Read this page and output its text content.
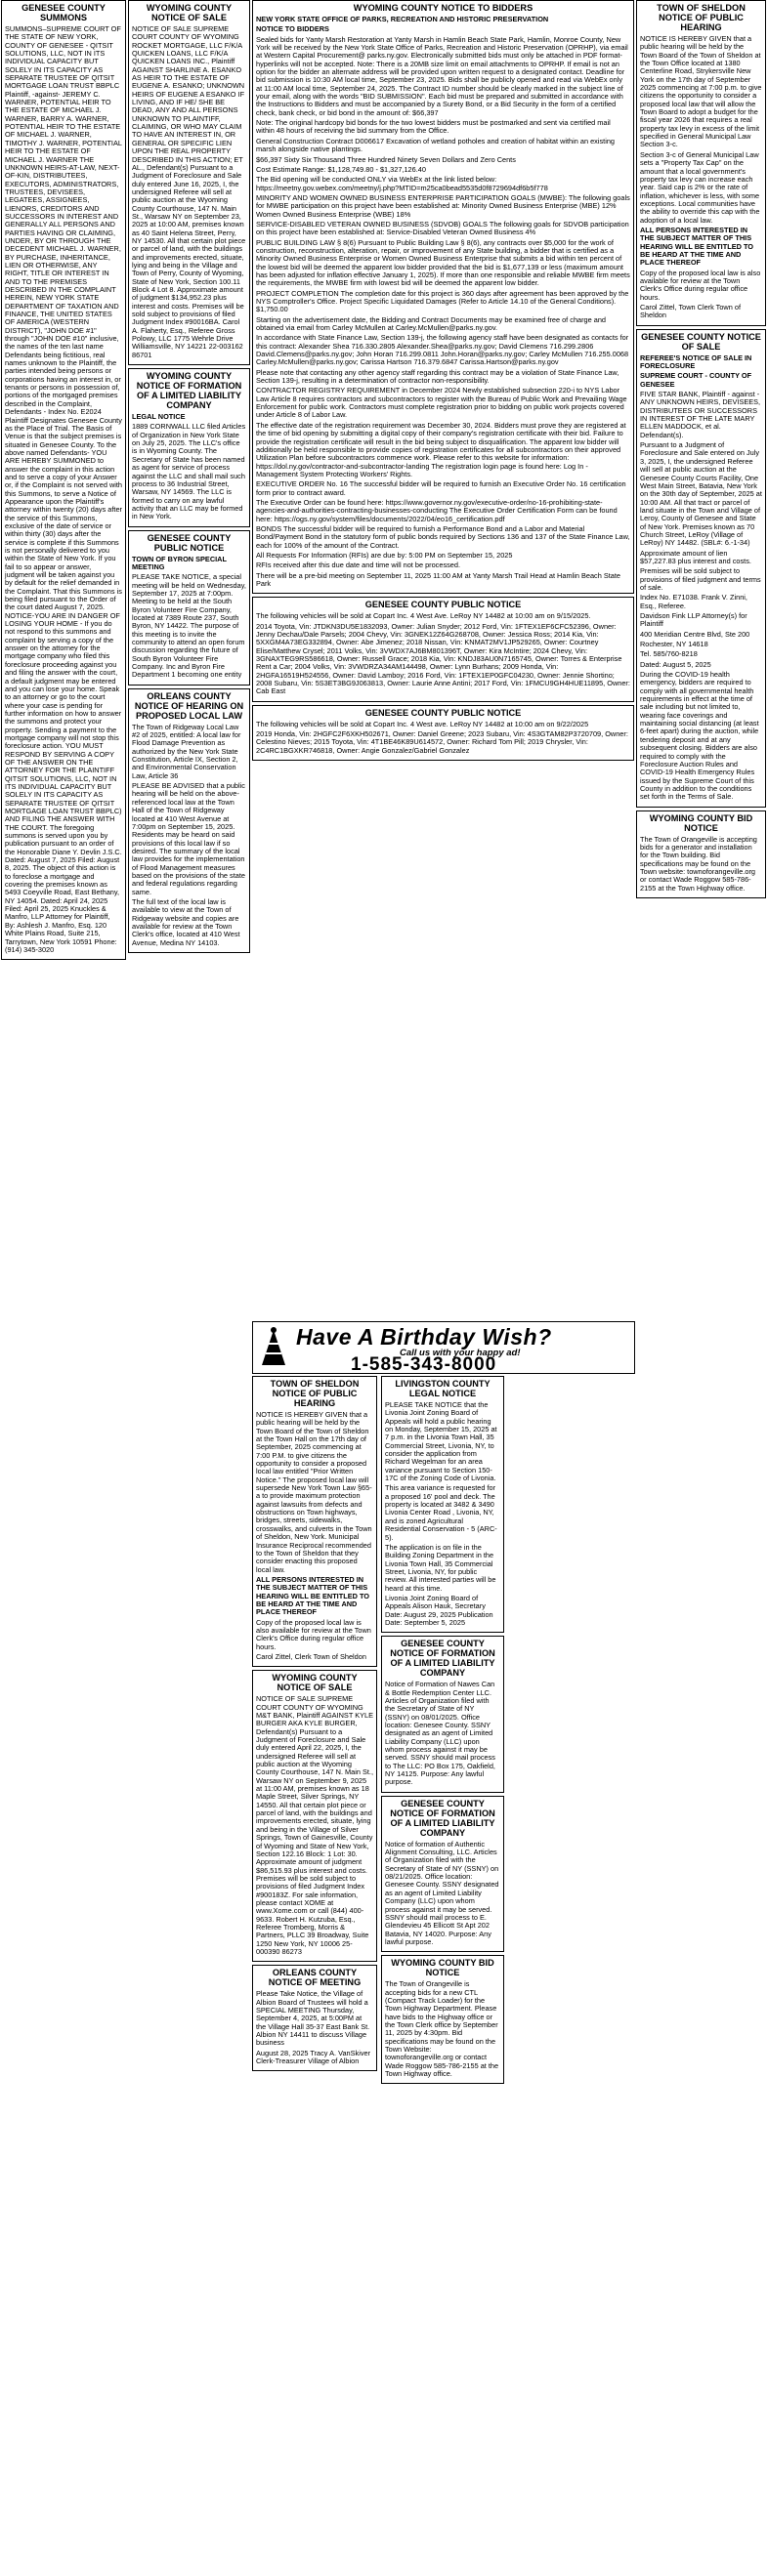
GENESEE COUNTY SUMMONS

SUMMONS–SUPREME COURT OF THE STATE OF NEW YORK, COUNTY OF GENESEE - QITSIT SOLUTIONS, LLC, NOT IN ITS INDIVIDUAL CAPACITY BUT SOLELY IN ITS CAPACITY AS SEPARATE TRUSTEE OF QITSIT MORTGAGE LOAN TRUST BBPLC Plaintiff, -against- JEREMY C. WARNER, POTENTIAL HEIR TO THE ESTATE OF MICHAEL J. WARNER, BARRY A. WARNER, POTENTIAL HEIR TO THE ESTATE OF MICHAEL J. WARNER, TIMOTHY J. WARNER, POTENTIAL HEIR TO THE ESTATE OF MICHAEL J. WARNER THE UNKNOWN HEIRS-AT-LAW, NEXT-OF-KIN, DISTRIBUTEES, EXECUTORS, ADMINISTRATORS, TRUSTEES, DEVISEES, LEGATEES, ASSIGNEES, LIENORS, CREDITORS AND SUCCESSORS IN INTEREST AND GENERALLY ALL PERSONS AND PARTIES HAVING OR CLAIMING, UNDER, BY OR THROUGH THE DECEDENT MICHAEL J. WARNER, BY PURCHASE, INHERITANCE, LIEN OR OTHERWISE, ANY RIGHT, TITLE OR INTEREST IN AND TO THE PREMISES DESCRIBED IN THE COMPLAINT HEREIN, NEW YORK STATE DEPARTMENT OF TAXATION AND FINANCE, THE UNITED STATES OF AMERICA (WESTERN DISTRICT), "JOHN DOE #1" through "JOHN DOE #10" inclusive, the names of the ten last name Defendants being fictitious, real names unknown to the Plaintiff, the parties intended being persons or corporations having an interest in, or tenants or persons in possession of, portions of the mortgaged premises described in the Complaint, Defendants - Index No. E2024 Plaintiff Designates Genesee County as the Place of Trial. The Basis of Venue is that the subject premises is situated in Genesee County. To the above named Defendants- YOU ARE HEREBY SUMMONED to answer the complaint in this action and to serve a copy of your Answer or, if the Complaint is not served with this Summons, to serve a Notice of Appearance upon the Plaintiff's attorney within twenty (20) days after the service of this Summons, exclusive of the date of service or within thirty (30) days after the service is complete if this Summons is not personally delivered to you within the State of New York. If you fail to so appear or answer, judgment will be taken against you by default for the relief demanded in the Complaint. That this Summons is being filed pursuant to the Order of the court dated August 7, 2025. NOTICE-YOU ARE IN DANGER OF LOSING YOUR HOME - If you do not respond to this summons and complaint by serving a copy of the answer on the attorney for the mortgage company who filed this foreclosure proceeding against you and filing the answer with the court, a default judgment may be entered and you can lose your home. Speak to an attorney or go to the court where your case is pending for further information on how to answer the summons and protect your property. Sending a payment to the mortgage company will not stop this foreclosure action. YOU MUST RESPOND BY SERVING A COPY OF THE ANSWER ON THE ATTORNEY FOR THE PLAINTIFF QITSIT SOLUTIONS, LLC, NOT IN ITS INDIVIDUAL CAPACITY BUT SOLELY IN ITS CAPACITY AS SEPARATE TRUSTEE OF QITSIT MORTGAGE LOAN TRUST BBPLC) AND FILING THE ANSWER WITH THE COURT. The foregoing summons is served upon you by publication pursuant to an order of the Honorable Diane Y. Devlin J.S.C. Dated: August 7, 2025 Filed: August 8, 2025. The object of this action is to foreclose a mortgage and covering the premises known as 5493 Coeyville Road, East Bethany, NY 14054. Dated: April 24, 2025 Filed: April 25, 2025 Knuckles & Manfro, LLP Attorney for Plaintiff, By: Ashlesh J. Manfro, Esq. 120 White Plains Road, Suite 215, Tarrytown, New York 10591 Phone: (914) 345-3020

WYOMING COUNTY NOTICE OF SALE

NOTICE OF SALE SUPREME COURT COUNTY OF WYOMING ROCKET MORTGAGE, LLC F/K/A QUICKEN LOANS, LLC F/K/A QUICKEN LOANS INC., Plaintiff AGAINST SHARLINE A. ESANKO AS HEIR TO THE ESTATE OF EUGENE A. ESANKO; UNKNOWN HEIRS OF EUGENE A ESANKO IF LIVING, AND IF HE/ SHE BE DEAD, ANY AND ALL PERSONS UNKNOWN TO PLAINTIFF, CLAIMING, OR WHO MAY CLAIM TO HAVE AN INTEREST IN, OR GENERAL OR SPECIFIC LIEN UPON THE REAL PROPERTY DESCRIBED IN THIS ACTION; ET AL., Defendant(s) Pursuant to a Judgment of Foreclosure and Sale duly entered June 16, 2025, I, the undersigned Referee will sell at public auction at the Wyoming County Courthouse, 147 N. Main St., Warsaw NY on September 23, 2025 at 10:00 AM, premises known as 40 Saint Helena Street, Perry, NY 14530. All that certain plot piece or parcel of land, with the buildings and improvements erected, situate, lying and being in the Village and Town of Perry, County of Wyoming, State of New York, Section 100.11 Block 4 Lot 8. Approximate amount of judgment $134,952.23 plus interest and costs. Premises will be sold subject to provisions of filed Judgment Index #90016BA. Carol A. Flaherty, Esq., Referee Gross Polowy, LLC 1775 Wehrle Drive Williamsville, NY 14221 22-003162 86701

WYOMING COUNTY NOTICE OF FORMATION OF A LIMITED LIABILITY COMPANY

LEGAL NOTICE

1889 CORNWALL LLC filed Articles of Organization in New York State on July 25, 2025. The LLC's office is in Wyoming County. The Secretary of State has been named as agent for service of process against the LLC and shall mail such process to 36 Industrial Street, Warsaw, NY 14569. The LLC is formed to carry on any lawful activity that an LLC may be formed in New York.

GENESEE COUNTY PUBLIC NOTICE

TOWN OF BYRON SPECIAL MEETING

PLEASE TAKE NOTICE, a special meeting will be held on Wednesday, September 17, 2025 at 7:00pm. Meeting to be held at the South Byron Volunteer Fire Company, located at 7389 Route 237, South Byron, NY 14422. The purpose of this meeting is to invite the community to attend an open forum discussion regarding the future of South Byron Volunteer Fire Company. Inc and Byron Fire Department 1 becoming one entity

ORLEANS COUNTY NOTICE OF HEARING ON PROPOSED LOCAL LAW

The Town of Ridgeway Local Law #2 of 2025, entitled: A local law for Flood Damage Prevention as authorized by the New York State Constitution, Article IX, Section 2, and Environmental Conservation Law, Article 36

PLEASE BE ADVISED that a public hearing will be held on the above-referenced local law at the Town Hall of the Town of Ridgeway located at 410 West Avenue at 7:00pm on September 15, 2025. Residents may be heard on said provisions of this local law if so desired. The summary of the local law provides for the implementation of Flood Management measures based on the provisions of the state and federal regulations regarding same.

The full text of the local law is available to view at the Town of Ridgeway website and copies are available for review at the Town Clerk's office, located at 410 West Avenue, Medina NY 14103.

WYOMING COUNTY NOTICE TO BIDDERS

NEW YORK STATE OFFICE OF PARKS, RECREATION AND HISTORIC PRESERVATION

NOTICE TO BIDDERS

Sealed bids for Yanty Marsh Restoration at Yanty Marsh in Hamlin Beach State Park, Hamlin, Monroe County, New York will be received by the New York State Office of Parks, Recreation and Historic Preservation (OPRHP), via email at Western Capital Procurement@ parks.ny.gov. Electronically submitted bids must only be attached in PDF format- hyperlinks will not be accepted. Note: There is a 20MB size limit on email attachments to OPRHP. If email is not an option for the bidder an alternate address will be provided upon written request to a designated contact. Deadline for bid submission is 10:30 AM local time, September 23, 2025. Bids shall be publicly opened and read via WebEx only at 11:00 AM local time, September 24, 2025. The Contract ID number should be clearly marked in the subject line of your email, along with the words "BID SUBMISSION". Each bid must be prepared and submitted in accordance with the Instructions to Bidders and must be accompanied by a Surety Bond, or a Bid Security in the form of a certified check, bank check, or bid bond in the amount of: $66,397

Note: The original hardcopy bid bonds for the two lowest bidders must be postmarked and sent via certified mail within 48 hours of receiving the bid summary from the Office.

General Construction Contract D006617 Excavation of wetland potholes and creation of habitat within an existing marsh alongside native plantings.

$66,397 Sixty Six Thousand Three Hundred Ninety Seven Dollars and Zero Cents

Cost Estimate Range: $1,128,749.80 - $1,327,126.40

The Bid opening will be conducted ONLY via WebEx at the link listed below: https://meetny.gov.webex.com/meetny/j.php?MTID=m25ca0bead5535d0f8729694df6b5f778

MINORITY AND WOMEN OWNED BUSINESS ENTERPRISE PARTICIPATION GOALS (MWBE): The following goals for MWBE participation on this project have been established at: Minority Owned Business Enterprise (MBE) 12% Women Owned Business Enterprise (WBE) 18%

SERVICE-DISABLED VETERAN OWNED BUSINESS (SDVOB) GOALS The following goals for SDVOB participation on this project have been established at: Service-Disabled Veteran Owned Business 4%

PUBLIC BUILDING LAW § 8(6) Pursuant to Public Building Law § 8(6), any contracts over $5,000 for the work of construction, reconstruction, alteration, repair, or improvement of any State building, a bidder that is certified as a Minority Owned Business Enterprise or Women Owned Business Enterprise that submits a bid within ten percent of the lowest bid will be deemed the apparent low bidder provided that the bid is $1,677,139 or less (maximum amount has been adjusted for inflation effective January 1, 2025). If more than one responsible and reliable MWBE firm meets the requirements, the MWBE firm with lowest bid will be deemed the apparent low bidder.

PROJECT COMPLETION The completion date for this project is 360 days after agreement has been approved by the NYS Comptroller's Office. Project Specific Liquidated Damages (Refer to Article 14.10 of the General Conditions). $1,750.00

Starting on the advertisement date, the Bidding and Contract Documents may be examined free of charge and obtained via email from Carley McMullen at Carley.McMullen@parks.ny.gov.

In accordance with State Finance Law, Section 139-j, the following agency staff have been designated as contacts for this contract: Alexander Shea 716.330.2805 Alexander.Shea@parks.ny.gov; David Clemens 716.299.2806 David.Clemens@parks.ny.gov; John Horan 716.299.0811 John.Horan@parks.ny.gov; Carley McMullen 716.255.0068 Carley.McMullen@parks.ny.gov; Carissa Hartson 716.379.6847 Carissa.Hartson@parks.ny.gov

Please note that contacting any other agency staff regarding this contract may be a violation of State Finance Law, Section 139-j, resulting in a determination of contractor non-responsibility.

CONTRACTOR REGISTRY REQUIREMENT in December 2024 Newly established subsection 220-i to NYS Labor Law Article 8 requires contractors and subcontractors to register with the Bureau of Public Work and Prevailing Wage Enforcement for public work. Contractors must complete registration prior to bidding on public work projects covered under Article 8 of Labor Law.

The effective date of the registration requirement was December 30, 2024. Bidders must prove they are registered at the time of bid opening by submitting a digital copy of their company's registration certificate with their bid. Failure to provide the registration certificate will result in the bid being subject to disqualification. The apparent low bidder will additionally be held responsible to provide copies of registration certificates for all subcontractors on their approved Utilization Plan before subcontractors commence work. Please refer to this website for information: https://dol.ny.gov/contractor-and-subcontractor-landing The registration login page is found here: Log In - Management System Protecting Workers' Rights.

EXECUTIVE ORDER No. 16 The successful bidder will be required to furnish an Executive Order No. 16 certification form prior to contract award.

The Executive Order can be found here: https://www.governor.ny.gov/executive-order/no-16-prohibiting-state-agencies-and-authorities-contracting-businesses-conducting The Executive Order Certification Form can be found here: https://ogs.ny.gov/system/files/documents/2022/04/eo16_certification.pdf

BONDS The successful bidder will be required to furnish a Performance Bond and a Labor and Material Bond/Payment Bond in the statutory form of public bonds required by Sections 136 and 137 of the State Finance Law, each for 100% of the amount of the Contract.

All Requests For Information (RFIs) are due by: 5:00 PM on September 15, 2025

RFIs received after this due date and time will not be processed.

There will be a pre-bid meeting on September 11, 2025 11:00 AM at Yanty Marsh Trail Head at Hamlin Beach State Park

GENESEE COUNTY PUBLIC NOTICE

The following vehicles will be sold at Copart Inc. 4 West Ave. LeRoy NY 14482 at 10:00 am on 9/15/2025.

2014 Toyota, Vin: JTDKN3DU5E1832093, Owner: Julian Snyder; 2012 Ford, Vin: 1FTEX1EF6CFC52396, Owner: Jenny Dechau/Dale Parsels; 2004 Chevy, Vin: 3GNEK12Z64G268708, Owner: Jessica Ross; 2014 Kia, Vin: 5XXGM4A73EG332894, Owner: Abe Jimenez; 2018 Nissan, Vin: KNMAT2MV1JP529265, Owner: Courtney Elise/Matthew Crysel; 2011 Volks, Vin: 3VWDX7AJ6BM801396T, Owner: Kira McIntire; 2024 Chevy, Vin: 3GNAXTEG9RS586618, Owner: Russell Grace; 2018 Kia, Vin: KNDJ83AU0N7165745, Owner: Torres & Enterprise Rent a Car; 2004 Volks, Vin: 3VWDRZA34AM144498, Owner: Lynn Burhans; 2009 Honda, Vin: 2HGFA16519H524556, Owner: David Lamboy; 2016 Ford, Vin: 1FTEX1EP0GFC04230, Owner: Jennie Shortino; 2008 Subaru, Vin: 5S3ET3BG9J063813, Owner: Laurie Anne Antini; 2017 Ford, Vin: 1FMCU9GH4HUE11895, Owner: Cab East

GENESEE COUNTY PUBLIC NOTICE

The following vehicles will be sold at Copart Inc. 4 West ave. LeRoy NY 14482 at 10:00 am on 9/22/2025

2019 Honda, Vin: 2HGFC2F6XKH502671, Owner: Daniel Greene; 2023 Subaru, Vin: 4S3GTAM82P3720709, Owner: Celestino Nieves; 2015 Toyota, Vin: 4T1BE46K89U614572, Owner: Richard Tom Pill; 2019 Chrysler, Vin: 2C4RC1BGXKR746818, Owner: Angie Gonzalez/Gabriel Gonzalez

TOWN OF SHELDON NOTICE OF PUBLIC HEARING

NOTICE IS HEREBY GIVEN that a public hearing will be held by the Town Board of the Town of Sheldon at the Town Hall on the 17th day of September, 2025 commencing at 7:00 P.M. to give citizens the opportunity to consider a proposed local law entitled "Prior Written Notice." The proposed local law will supersede New York Town Law §65-a to provide maximum protection against lawsuits from defects and obstructions on Town highways, bridges, streets, sidewalks, crosswalks, and culverts in the Town of Sheldon, New York. Municipal Insurance Reciprocal recommended to the Town of Sheldon that they consider enacting this proposed local law.

ALL PERSONS INTERESTED IN THE SUBJECT MATTER OF THIS HEARING WILL BE ENTITLED TO BE HEARD AT THE TIME AND PLACE THEREOF

Copy of the proposed local law is also available for review at the Town Clerk's Office during regular office hours.

Carol Zittel, Clerk Town of Sheldon

WYOMING COUNTY NOTICE OF SALE

NOTICE OF SALE SUPREME COURT COUNTY OF WYOMING M&T BANK, Plaintiff AGAINST KYLE BURGER AKA KYLE BURGER, Defendant(s) Pursuant to a Judgment of Foreclosure and Sale duly entered April 22, 2025, I, the undersigned Referee will sell at public auction at the Wyoming County Courthouse, 147 N. Main St., Warsaw NY on September 9, 2025 at 11:00 AM, premises known as 18 Maple Street, Silver Springs, NY 14550. All that certain plot piece or parcel of land, with the buildings and improvements erected, situate, lying and being in the Village of Silver Springs, Town of Gainesville, County of Wyoming and State of New York, Section 122.16 Block: 1 Lot: 30. Approximate amount of judgment $86,515.93 plus interest and costs. Premises will be sold subject to provisions of filed Judgment Index #900183Z. For sale information, please contact XOME at www.Xome.com or call (844) 400-9633. Robert H. Kutzuba, Esq., Referee Tromberg, Morris & Partners, PLLC 39 Broadway, Suite 1250 New York, NY 10006 25-000390 86273

ORLEANS COUNTY NOTICE OF MEETING

Please Take Notice, the Village of Albion Board of Trustees will hold a SPECIAL MEETING Thursday, September 4, 2025, at 5:00PM at the Village Hall 35-37 East Bank St. Albion NY 14411 to discuss Village business

August 28, 2025 Tracy A. VanSkiver Clerk-Treasurer Village of Albion

LIVINGSTON COUNTY LEGAL NOTICE

PLEASE TAKE NOTICE that the Livonia Joint Zoning Board of Appeals will hold a public hearing on Monday, September 15, 2025 at 7 p.m. in the Livonia Town Hall, 35 Commercial Street, Livonia, NY, to consider the application from Richard Wegelman for an area variance pursuant to Section 150-17C of the Zoning Code of Livonia.

This area variance is requested for a proposed 16' pool and deck. The property is located at 3482 & 3490 Livonia Center Road , Livonia, NY, and is zoned Agricultural Residential Conservation - 5 (ARC-5).

The application is on file in the Building Zoning Department in the Livonia Town Hall, 35 Commercial Street, Livonia, NY, for public review. All interested parties will be heard at this time.

Livonia Joint Zoning Board of Appeals Alison Hauk, Secretary Date: August 29, 2025 Publication Date: September 5, 2025

GENESEE COUNTY NOTICE OF FORMATION OF A LIMITED LIABILITY COMPANY

Notice of Formation of Nawes Can & Bottle Redemption Center LLC. Articles of Organization filed with the Secretary of State of NY (SSNY) on 08/01/2025. Office location: Genesee County. SSNY designated as an agent of Limited Liability Company (LLC) upon whom process against it may be served. SSNY should mail process to The LLC: PO Box 175, Oakfield, NY 14125. Purpose: Any lawful purpose.

GENESEE COUNTY NOTICE OF FORMATION OF A LIMITED LIABILITY COMPANY

Notice of formation of Authentic Alignment Consulting, LLC. Articles of Organization filed with the Secretary of State of NY (SSNY) on 08/21/2025. Office location: Genesee County. SSNY designated as an agent of Limited Liability Company (LLC) upon whom process against it may be served. SSNY should mail process to E. Glendevieu 45 Ellicott St Apt 202 Batavia, NY 14020. Purpose: Any lawful purpose.

WYOMING COUNTY BID NOTICE

The Town of Orangeville is accepting bids for a new CTL (Compact Track Loader) for the Town Highway Department. Please have bids to the Highway office or the Town Clerk office by September 11, 2025 by 4:30pm. Bid specifications may be found on the Town Website: townoforangeville.org or contact Wade Roggow 585-786-2155 at the Town Highway office.

TOWN OF SHELDON NOTICE OF PUBLIC HEARING

NOTICE IS HEREBY GIVEN that a public hearing will be held by the Town Board of the Town of Sheldon at the Town Office located at 1380 Centerline Road, Strykersville New York on the 17th day of September 2025 commencing at 7:00 p.m. to give citizens the opportunity to consider a proposed local law that will allow the Town Board to adopt a budget for the fiscal year 2026 that requires a real property tax levy in excess of the limit specified in General Municipal Law Section 3-c.

Section 3-c of General Municipal Law sets a "Property Tax Cap" on the amount that a local government's property tax levy can increase each year. Said cap is 2% or the rate of inflation, whichever is less, with some exceptions. Local communities have the ability to override this cap with the adoption of a local law.

ALL PERSONS INTERESTED IN THE SUBJECT MATTER OF THIS HEARING WILL BE ENTITLED TO BE HEARD AT THE TIME AND PLACE THEREOF

Copy of the proposed local law is also available for review at the Town Clerk's Office during regular office hours.

Carol Zittel, Town Clerk Town of Sheldon

GENESEE COUNTY NOTICE OF SALE

REFEREE'S NOTICE OF SALE IN FORECLOSURE

SUPREME COURT - COUNTY OF GENESEE

FIVE STAR BANK, Plaintiff - against - ANY UNKNOWN HEIRS, DEVISEES, DISTRIBUTEES OR SUCCESSORS IN INTEREST OF THE LATE MARY ELLEN MADDOCK, et al. Defendant(s).

Pursuant to a Judgment of Foreclosure and Sale entered on July 3, 2025, I, the undersigned Referee will sell at public auction at the Genesee County Courts Facility, One West Main Street, Batavia, New York on the 30th day of September, 2025 at 10:00 AM. All that tract or parcel of land situate in the Town and Village of Leroy, County of Genesee and State of New York. Premises known as 70 Church Street, LeRoy (Village of LeRoy) NY 14482. (SBL#: 6.-1-34)

Approximate amount of lien $57,227.83 plus interest and costs.

Premises will be sold subject to provisions of filed judgment and terms of sale.

Index No. E71038. Frank V. Zinni, Esq., Referee.

Davidson Fink LLP Attorney(s) for Plaintiff

400 Meridian Centre Blvd, Ste 200

Rochester, NY 14618

Tel. 585/760-8218

Dated: August 5, 2025

During the COVID-19 health emergency, bidders are required to comply with all governmental health requirements in effect at the time of sale including but not limited to, wearing face coverings and maintaining social distancing (at least 6-feet apart) during the auction, while tendering deposit and at any subsequent closing. Bidders are also required to comply with the Foreclosure Auction Rules and COVID-19 Health Emergency Rules issued by the Supreme Court of this County in addition to the conditions set forth in the Terms of Sale.

WYOMING COUNTY BID NOTICE

The Town of Orangeville is accepting bids for a generator and installation for the Town building. Bid specifications may be found on the Town website: townoforangeville.org or contact Wade Roggow 585-786-2155 at the Town Highway office.

Have A Birthday Wish?
Call us with your happy ad!
1-585-343-8000
